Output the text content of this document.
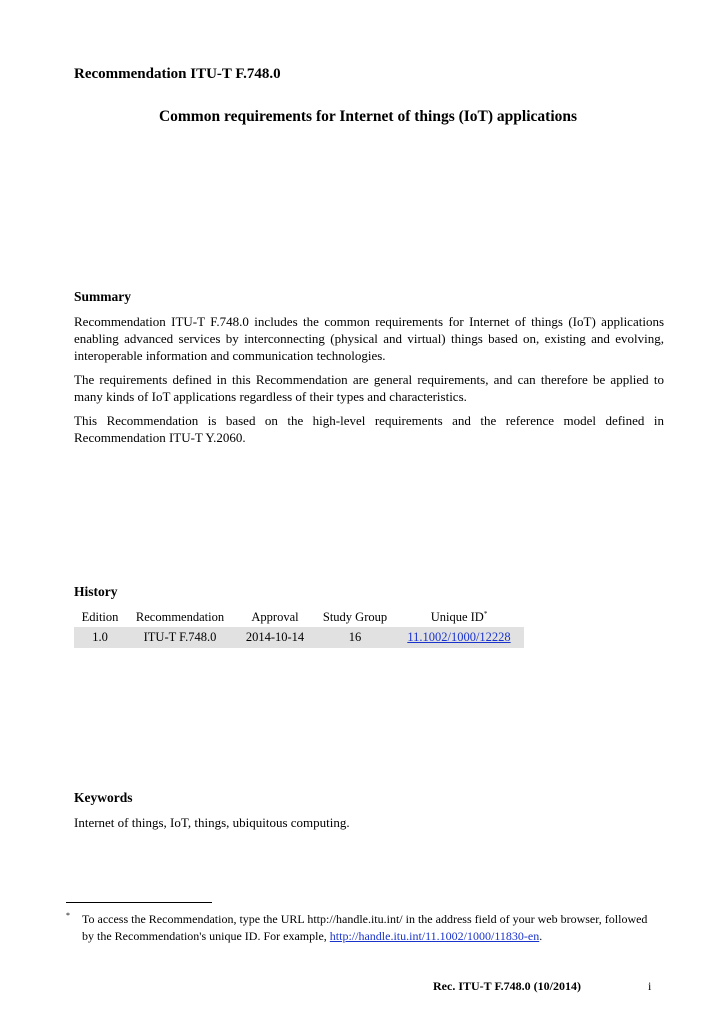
Recommendation ITU-T F.748.0
Common requirements for Internet of things (IoT) applications
Summary

Recommendation ITU-T F.748.0 includes the common requirements for Internet of things (IoT) applications enabling advanced services by interconnecting (physical and virtual) things based on, existing and evolving, interoperable information and communication technologies.

The requirements defined in this Recommendation are general requirements, and can therefore be applied to many kinds of IoT applications regardless of their types and characteristics.

This Recommendation is based on the high-level requirements and the reference model defined in Recommendation ITU-T Y.2060.

History
Edition	Recommendation	Approval	Study Group	Unique ID*
1.0	ITU-T F.748.0	2014-10-14	16	11.1002/1000/12228
Keywords
Internet of things, IoT, things, ubiquitous computing.
* To access the Recommendation, type the URL http://handle.itu.int/ in the address field of your web browser, followed by the Recommendation's unique ID. For example, http://handle.itu.int/11.1002/1000/11830-en.

Rec. ITU-T F.748.0 (10/2014)	i
